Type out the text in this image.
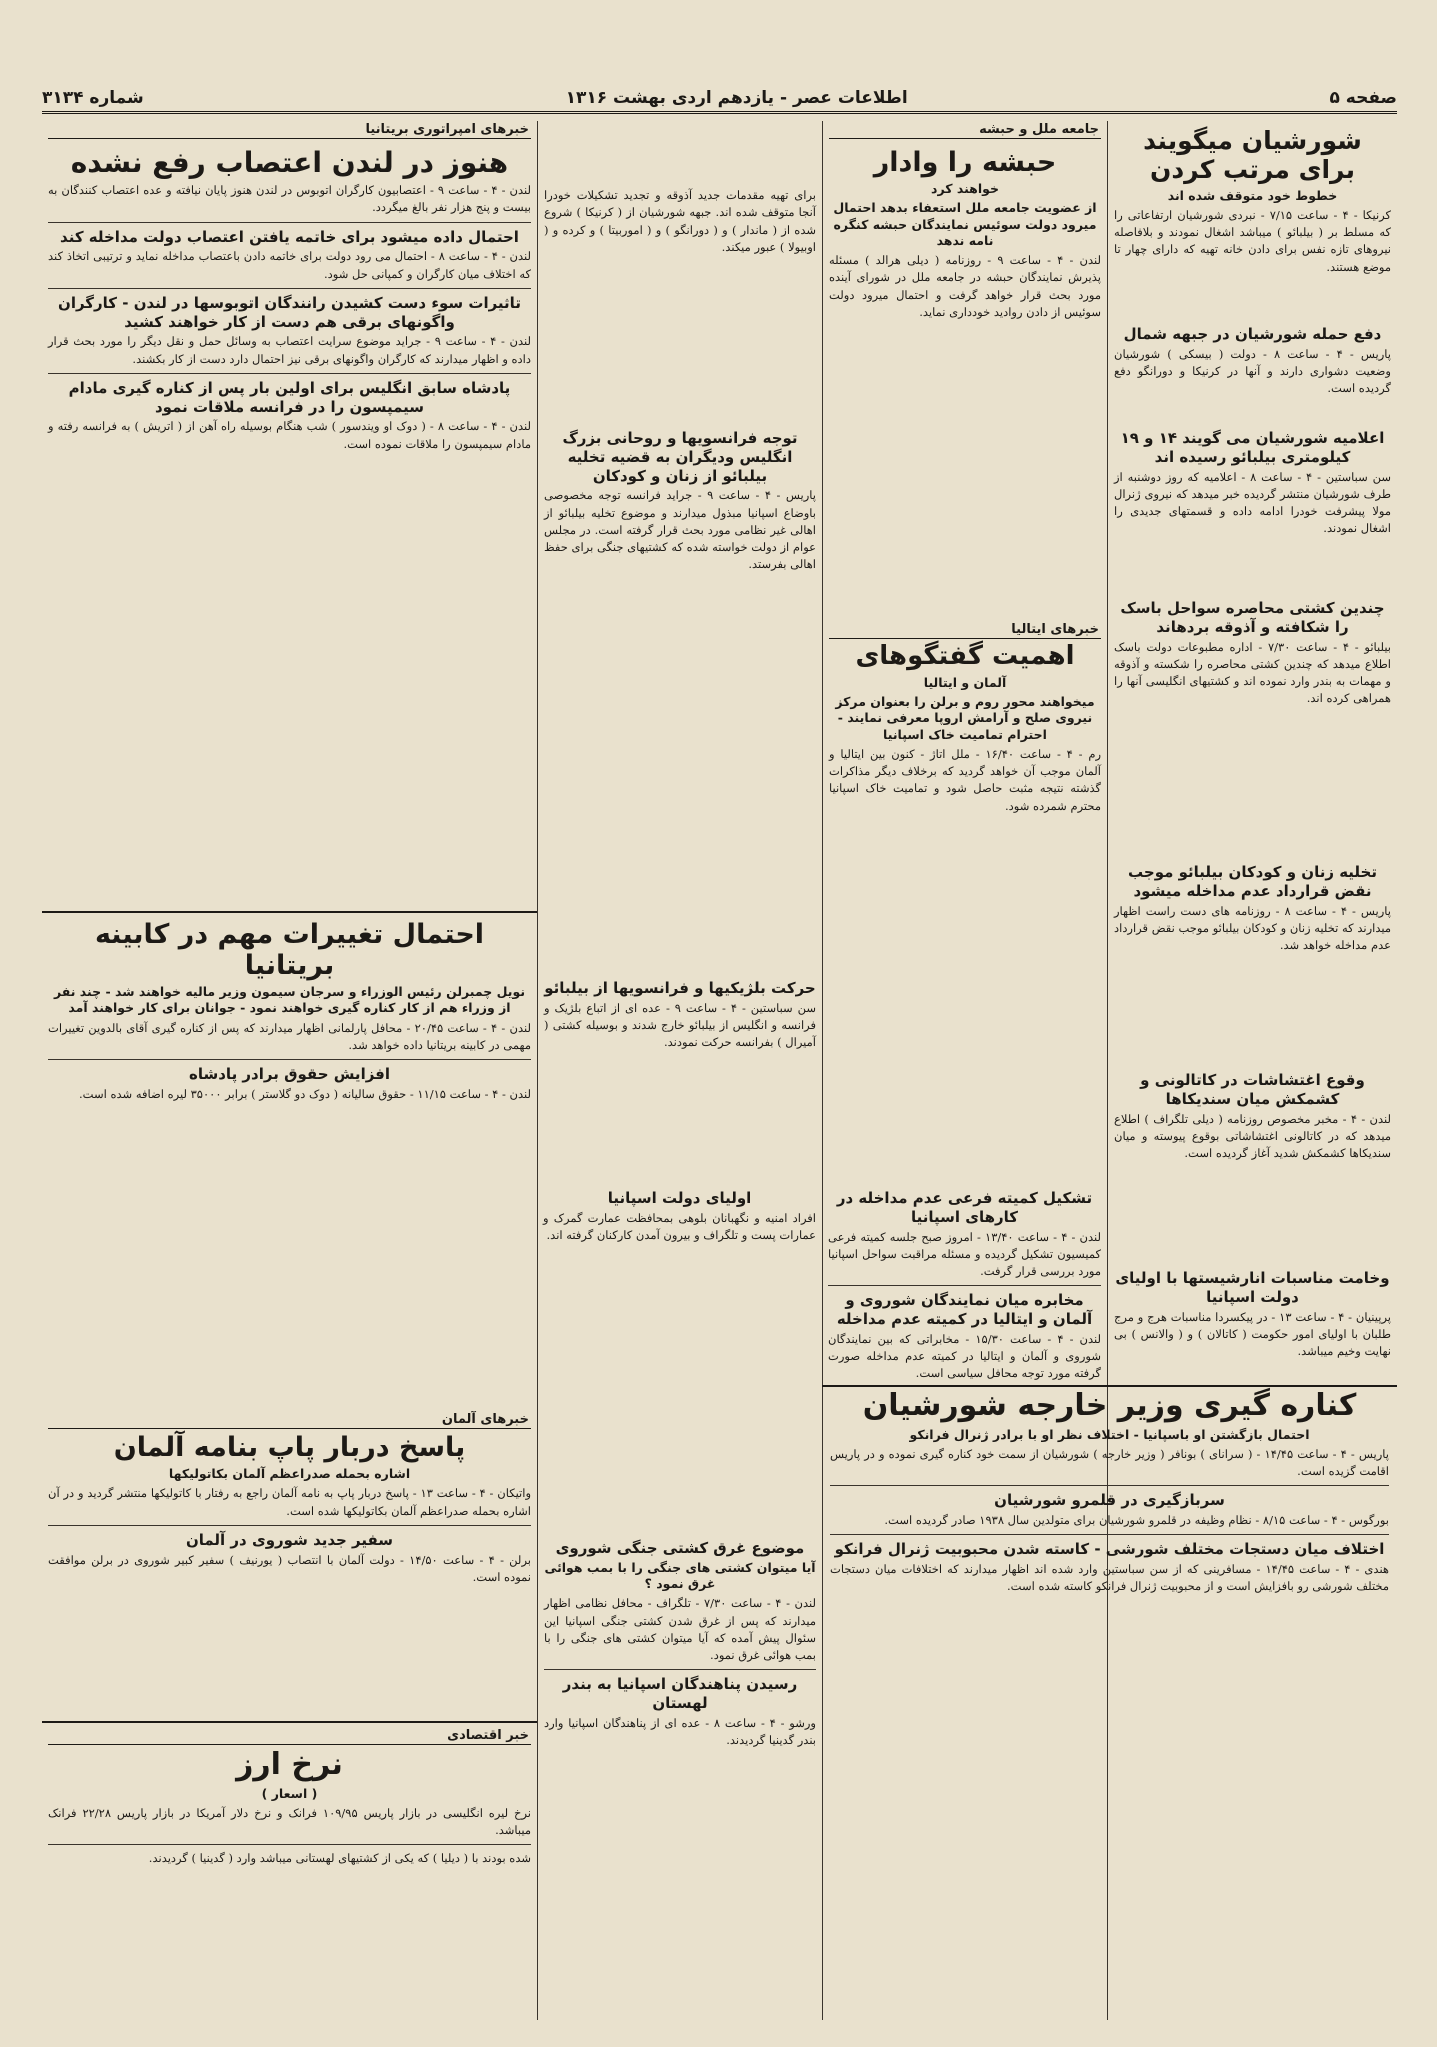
صفحه ۵
اطلاعات عصر - یازدهم اردی بهشت ۱۳۱۶
شماره ۳۱۳۴
شورشیان میگویند برای مرتب کردن
خطوط خود متوقف شده اند
کرنیکا - ۴ - ساعت ۷/۱۵ - نبردی شورشیان ارتفاعاتی را که مسلط بر ( بیلبائو ) میباشد اشغال نمودند و بلافاصله نیروهای تازه نفس برای دادن خانه تهیه که دارای چهار تا موضع هستند.
دفع حمله شورشیان در جبهه شمال
پاریس - ۴ - ساعت ۸ - دولت ( بیسکی ) شورشیان وضعیت دشواری دارند و آنها در کرنیکا و دورانگو دفع گردیده است.
اعلامیه شورشیان می گویند ۱۴ و ۱۹ کیلومتری بیلبائو رسیده اند
سن سباستین - ۴ - ساعت ۸ - اعلامیه که روز دوشنبه از طرف شورشیان منتشر گردیده خبر میدهد که نیروی ژنرال مولا پیشرفت خودرا ادامه داده و قسمتهای جدیدی را اشغال نمودند.
چندین کشتی محاصره سواحل باسک را شکافته و آذوقه بردهاند
بیلبائو - ۴ - ساعت ۷/۳۰ - اداره مطبوعات دولت باسک اطلاع میدهد که چندین کشتی محاصره را شکسته و آذوقه و مهمات به بندر وارد نموده اند و کشتیهای انگلیسی آنها را همراهی کرده اند.
تخلیه زنان و کودکان بیلبائو موجب نقض قرارداد عدم مداخله میشود
پاریس - ۴ - ساعت ۸ - روزنامه های دست راست اظهار میدارند که تخلیه زنان و کودکان بیلبائو موجب نقض قرارداد عدم مداخله خواهد شد.
وقوع اغتشاشات در کاتالونی و کشمکش میان سندیکاها
لندن - ۴ - مخبر مخصوص روزنامه ( دیلی تلگراف ) اطلاع میدهد که در کاتالونی اغتشاشاتی بوقوع پیوسته و میان سندیکاها کشمکش شدید آغاز گردیده است.
وخامت مناسبات انارشیستها با اولیای دولت اسپانیا
پرپینیان - ۴ - ساعت ۱۳ - در پیکسردا مناسبات هرج و مرج طلبان با اولیای امور حکومت ( کاتالان ) و ( والانس ) بی نهایت وخیم میباشد.
جامعه ملل و حبشه
حبشه را وادار
خواهند کرد
از عضویت جامعه ملل استعفاء بدهد احتمال میرود دولت سوئیس نمایندگان حبشه کنگره نامه ندهد
لندن - ۴ - ساعت ۹ - روزنامه ( دیلی هرالد ) مسئله پذیرش نمایندگان حبشه در جامعه ملل در شورای آینده مورد بحث قرار خواهد گرفت و احتمال میرود دولت سوئیس از دادن روادید خودداری نماید.
خبرهای ایتالیا
اهمیت گفتگوهای
آلمان و ایتالیا
میخواهند محور روم و برلن را بعنوان مرکز نیروی صلح و آرامش اروپا معرفی نمایند - احترام تمامیت خاک اسپانیا
رم - ۴ - ساعت ۱۶/۴۰ - ملل اتاژ - کنون بین ایتالیا و آلمان موجب آن خواهد گردید که برخلاف دیگر مذاکرات گذشته نتیجه مثبت حاصل شود و تمامیت خاک اسپانیا محترم شمرده شود.
برای تهیه مقدمات جدید آذوقه و تجدید تشکیلات خودرا آنجا متوقف شده اند. جبهه شورشیان از ( کرنیکا ) شروع شده از ( ماندار ) و ( دورانگو ) و ( اموربیتا ) و کرده و ( اوبیولا ) عبور میکند.
توجه فرانسویها و روحانی بزرگ انگلیس ودیگران به قضیه تخلیه بیلبائو از زنان و کودکان
پاریس - ۴ - ساعت ۹ - جراید فرانسه توجه مخصوصی باوضاع اسپانیا مبذول میدارند و موضوع تخلیه بیلبائو از اهالی غیر نظامی مورد بحث قرار گرفته است. در مجلس عوام از دولت خواسته شده که کشتیهای جنگی برای حفظ اهالی بفرستد.
حرکت بلژیکیها و فرانسویها از بیلبائو
سن سباستین - ۴ - ساعت ۹ - عده ای از اتباع بلژیک و فرانسه و انگلیس از بیلبائو خارج شدند و بوسیله کشتی ( آمیرال ) بفرانسه حرکت نمودند.
تشکیل کمیته فرعی عدم مداخله در کارهای اسپانیا
لندن - ۴ - ساعت ۱۳/۴۰ - امروز صبح جلسه کمیته فرعی کمیسیون تشکیل گردیده و مسئله مراقبت سواحل اسپانیا مورد بررسی قرار گرفت.
مخابره میان نمایندگان شوروی و آلمان و ایتالیا در کمیته عدم مداخله
لندن - ۴ - ساعت ۱۵/۳۰ - مخابراتی که بین نمایندگان شوروی و آلمان و ایتالیا در کمیته عدم مداخله صورت گرفته مورد توجه محافل سیاسی است.
اولیای دولت اسپانیا
افراد امنیه و نگهبانان بلوهی بمحافظت عمارت گمرک و عمارات پست و تلگراف و بیرون آمدن کارکنان گرفته اند.
کناره گیری وزیر خارجه شورشیان
احتمال بازگشتن او باسپانیا - اختلاف نظر او با برادر ژنرال فرانکو
پاریس - ۴ - ساعت ۱۴/۴۵ - ( سرانای ) بونافر ( وزیر خارجه ) شورشیان از سمت خود کناره گیری نموده و در پاریس اقامت گزیده است.
سربازگیری در قلمرو شورشیان
بورگوس - ۴ - ساعت ۸/۱۵ - نظام وظیفه در قلمرو شورشیان برای متولدین سال ۱۹۳۸ صادر گردیده است.
اختلاف میان دستجات مختلف شورشی - کاسته شدن محبوبیت ژنرال فرانکو
هندی - ۴ - ساعت ۱۴/۴۵ - مسافرینی که از سن سباستین وارد شده اند اظهار میدارند که اختلافات میان دستجات مختلف شورشی رو بافزایش است و از محبوبیت ژنرال فرانکو کاسته شده است.
موضوع غرق کشتی جنگی شوروی
آیا میتوان کشتی های جنگی را با بمب هوائی غرق نمود ؟
لندن - ۴ - ساعت ۷/۳۰ - تلگراف - محافل نظامی اظهار میدارند که پس از غرق شدن کشتی جنگی اسپانیا این سئوال پیش آمده که آیا میتوان کشتی های جنگی را با بمب هوائی غرق نمود.
رسیدن پناهندگان اسپانیا به بندر لهستان
ورشو - ۴ - ساعت ۸ - عده ای از پناهندگان اسپانیا وارد بندر گدینیا گردیدند.
خبرهای امپراتوری بریتانیا
هنوز در لندن اعتصاب رفع نشده
لندن - ۴ - ساعت ۹ - اعتصابیون کارگران اتوبوس در لندن هنوز پایان نیافته و عده اعتصاب کنندگان به بیست و پنج هزار نفر بالغ میگردد.
احتمال داده میشود برای خاتمه یافتن اعتصاب دولت مداخله کند
لندن - ۴ - ساعت ۸ - احتمال می رود دولت برای خاتمه دادن باعتصاب مداخله نماید و ترتیبی اتخاذ کند که اختلاف میان کارگران و کمپانی حل شود.
تاثیرات سوء دست کشیدن رانندگان اتوبوسها در لندن - کارگران واگونهای برقی هم دست از کار خواهند کشید
لندن - ۴ - ساعت ۹ - جراید موضوع سرایت اعتصاب به وسائل حمل و نقل دیگر را مورد بحث قرار داده و اظهار میدارند که کارگران واگونهای برقی نیز احتمال دارد دست از کار بکشند.
پادشاه سابق انگلیس برای اولین بار پس از کناره گیری مادام سیمپسون را در فرانسه ملاقات نمود
لندن - ۴ - ساعت ۸ - ( دوک او ویندسور ) شب هنگام بوسیله راه آهن از ( اتریش ) به فرانسه رفته و مادام سیمپسون را ملاقات نموده است.
احتمال تغییرات مهم در کابینه بریتانیا
نویل چمبرلن رئیس الوزراء و سرجان سیمون وزیر مالیه خواهند شد - چند نفر از وزراء هم از کار کناره گیری خواهند نمود - جوانان برای کار خواهند آمد
لندن - ۴ - ساعت ۲۰/۴۵ - محافل پارلمانی اظهار میدارند که پس از کناره گیری آقای بالدوین تغییرات مهمی در کابینه بریتانیا داده خواهد شد.
افزایش حقوق برادر پادشاه
لندن - ۴ - ساعت ۱۱/۱۵ - حقوق سالیانه ( دوک دو گلاستر ) برابر ۳۵۰۰۰ لیره اضافه شده است.
خبرهای آلمان
پاسخ دربار پاپ بنامه آلمان
اشاره بحمله صدراعظم آلمان بکاتولیکها
واتیکان - ۴ - ساعت ۱۳ - پاسخ دربار پاپ به نامه آلمان راجع به رفتار با کاتولیکها منتشر گردید و در آن اشاره بحمله صدراعظم آلمان بکاتولیکها شده است.
سفیر جدید شوروی در آلمان
برلن - ۴ - ساعت ۱۴/۵۰ - دولت آلمان با انتصاب ( یورنیف ) سفیر کبیر شوروی در برلن موافقت نموده است.
خبر اقتصادی
نرخ ارز
( اسعار )
نرخ لیره انگلیسی در بازار پاریس ۱۰۹/۹۵ فرانک و نرخ دلار آمریکا در بازار پاریس ۲۲/۲۸ فرانک میباشد.
شده بودند با ( دیلیا ) که یکی از کشتیهای لهستانی میباشد وارد ( گدینیا ) گردیدند.
